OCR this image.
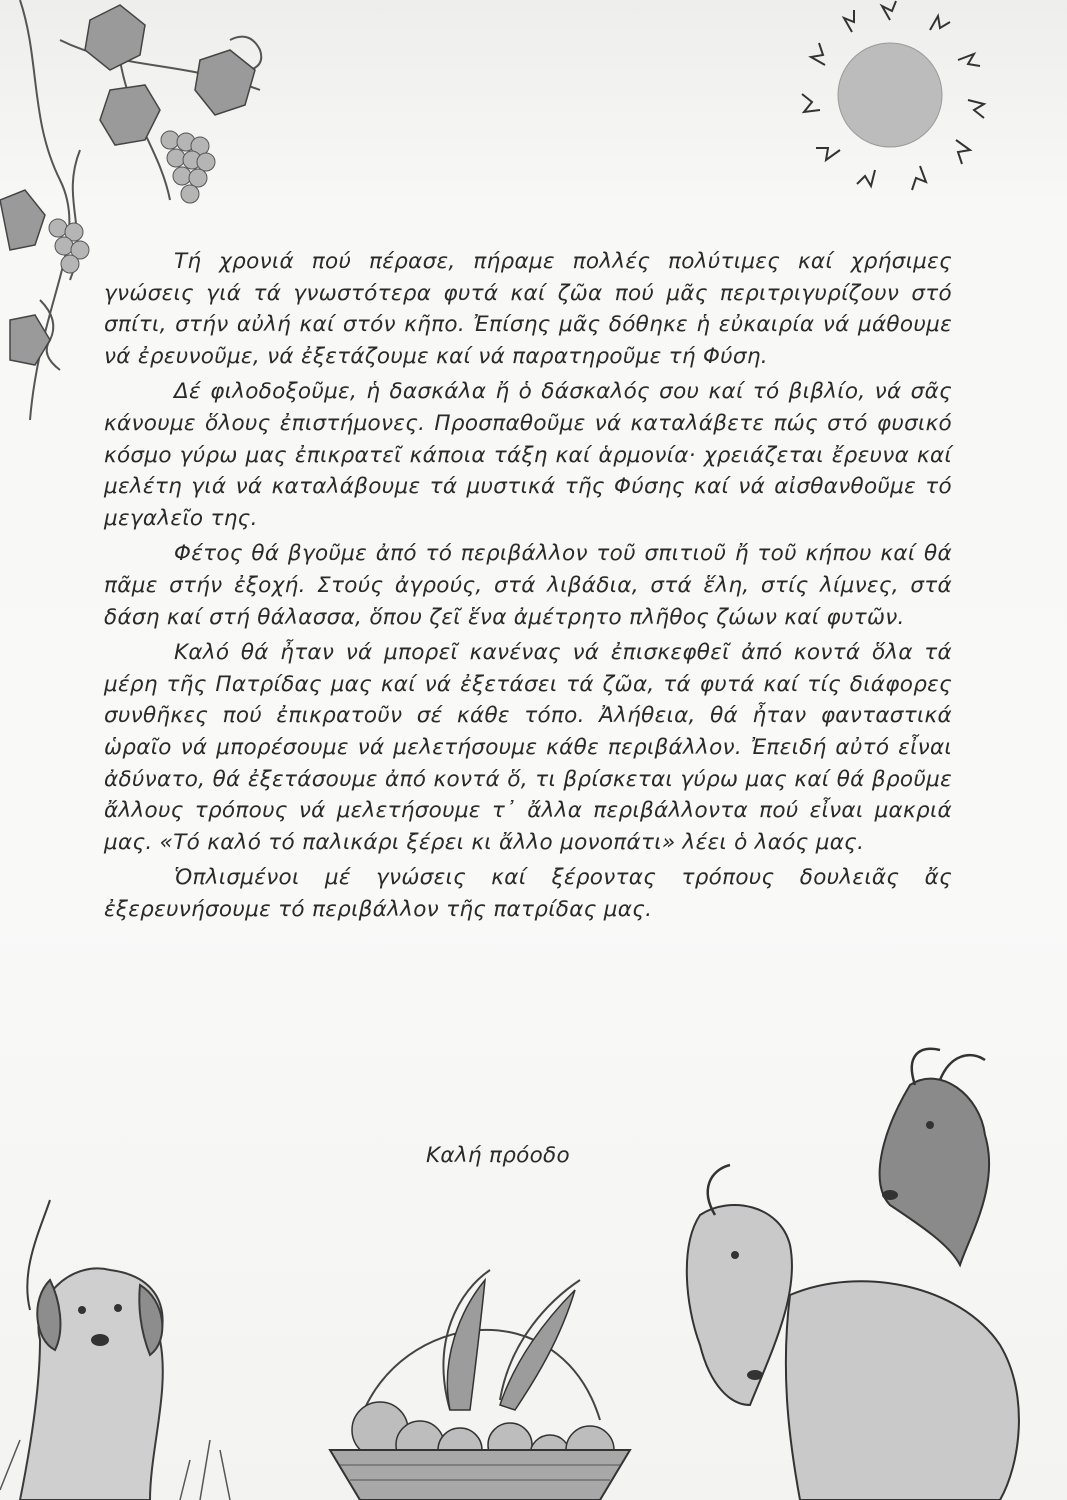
Τή χρονιά πού πέρασε, πήραμε πολλές πολύτιμες καί χρήσιμες γνώσεις γιά τά γνωστότερα φυτά καί ζῶα πού μᾶς περιτριγυρίζουν στό σπίτι, στήν αὐλή καί στόν κῆπο. Ἐπίσης μᾶς δόθηκε ἡ εὐκαιρία νά μάθουμε νά ἐρευνοῦμε, νά ἐξετάζουμε καί νά παρατηροῦμε τή Φύση.

Δέ φιλοδοξοῦμε, ἡ δασκάλα ἤ ὁ δάσκαλός σου καί τό βιβλίο, νά σᾶς κάνουμε ὅλους ἐπιστήμονες. Προσπαθοῦμε νά καταλάβετε πώς στό φυσικό κόσμο γύρω μας ἐπικρατεῖ κάποια τάξη καί ἁρμονία· χρειάζεται ἔρευνα καί μελέτη γιά νά καταλάβουμε τά μυστικά τῆς Φύσης καί νά αἰσθανθοῦμε τό μεγαλεῖο της.

Φέτος θά βγοῦμε ἀπό τό περιβάλλον τοῦ σπιτιοῦ ἤ τοῦ κήπου καί θά πᾶμε στήν ἐξοχή. Στούς ἀγρούς, στά λιβάδια, στά ἕλη, στίς λίμνες, στά δάση καί στή θάλασσα, ὅπου ζεῖ ἕνα ἀμέτρητο πλῆθος ζώων καί φυτῶν.

Καλό θά ἦταν νά μπορεῖ κανένας νά ἐπισκεφθεῖ ἀπό κοντά ὅλα τά μέρη τῆς Πατρίδας μας καί νά ἐξετάσει τά ζῶα, τά φυτά καί τίς διάφορες συνθῆκες πού ἐπικρατοῦν σέ κάθε τόπο. Ἀλήθεια, θά ἦταν φανταστικά ὡραῖο νά μπορέσουμε νά μελετήσουμε κάθε περιβάλλον. Ἐπειδή αὐτό εἶναι ἀδύνατο, θά ἐξετάσουμε ἀπό κοντά ὅ, τι βρίσκεται γύρω μας καί θά βροῦμε ἄλλους τρόπους νά μελετήσουμε τ᾽ ἄλλα περιβάλλοντα πού εἶναι μακριά μας. «Τό καλό τό παλικάρι ξέρει κι ἄλλο μονοπάτι» λέει ὁ λαός μας.

Ὁπλισμένοι μέ γνώσεις καί ξέροντας τρόπους δουλειᾶς ἄς ἐξερευνήσουμε τό περιβάλλον τῆς πατρίδας μας.

Καλή πρόοδο
